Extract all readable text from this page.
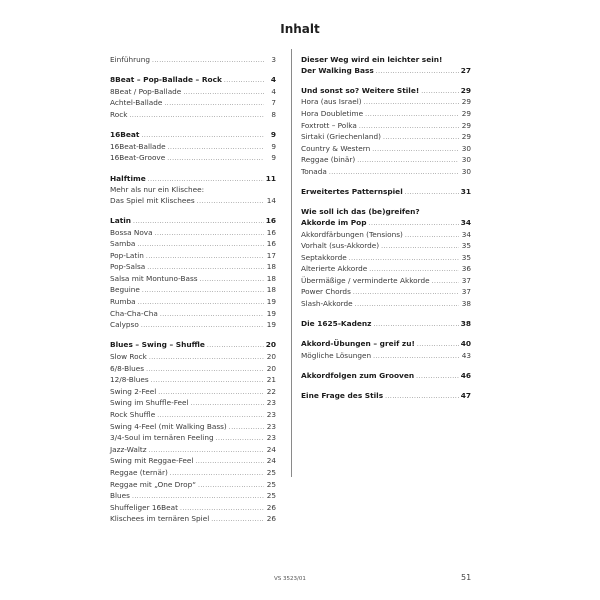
Inhalt
Einführung .....	3
8Beat – Pop-Ballade – Rock .....	4
8Beat / Pop-Ballade .....	4
Achtel-Ballade .....	7
Rock .....	8
16Beat .....	9
16Beat-Ballade .....	9
16Beat-Groove .....	9
Halftime .....	11
Mehr als nur ein Klischee:
Das Spiel mit Klischees .....	14
Latin .....	16
Bossa Nova .....	16
Samba .....	16
Pop-Latin .....	17
Pop-Salsa .....	18
Salsa mit Montuno-Bass .....	18
Beguine .....	18
Rumba .....	19
Cha-Cha-Cha .....	19
Calypso .....	19
Blues – Swing – Shuffle .....	20
Slow Rock .....	20
6/8-Blues .....	20
12/8-Blues .....	21
Swing 2-Feel .....	22
Swing im Shuffle-Feel .....	23
Rock Shuffle .....	23
Swing 4-Feel (mit Walking Bass) .....	23
3/4-Soul im ternären Feeling .....	23
Jazz-Waltz .....	24
Swing mit Reggae-Feel .....	24
Reggae (ternär) .....	25
Reggae mit „One Drop“ .....	25
Blues .....	25
Shuffeliger 16Beat .....	26
Klischees im ternären Spiel .....	26
Dieser Weg wird ein leichter sein!
Der Walking Bass .....	27
Und sonst so? Weitere Stile! .....	29
Hora (aus Israel) .....	29
Hora Doubletime .....	29
Foxtrott – Polka .....	29
Sirtaki (Griechenland) .....	29
Country & Western .....	30
Reggae (binär) .....	30
Tonada .....	30
Erweitertes Patternspiel .....	31
Wie soll ich das (be)greifen?
Akkorde im Pop .....	34
Akkordfärbungen (Tensions) .....	34
Vorhalt (sus-Akkorde) .....	35
Septakkorde .....	35
Alterierte Akkorde .....	36
Übermäßige / verminderte Akkorde .....	37
Power Chords .....	37
Slash-Akkorde .....	38
Die 1625-Kadenz .....	38
Akkord-Übungen – greif zu! .....	40
Mögliche Lösungen .....	43
Akkordfolgen zum Grooven .....	46
Eine Frage des Stils .....	47
VS 3523/01	51
